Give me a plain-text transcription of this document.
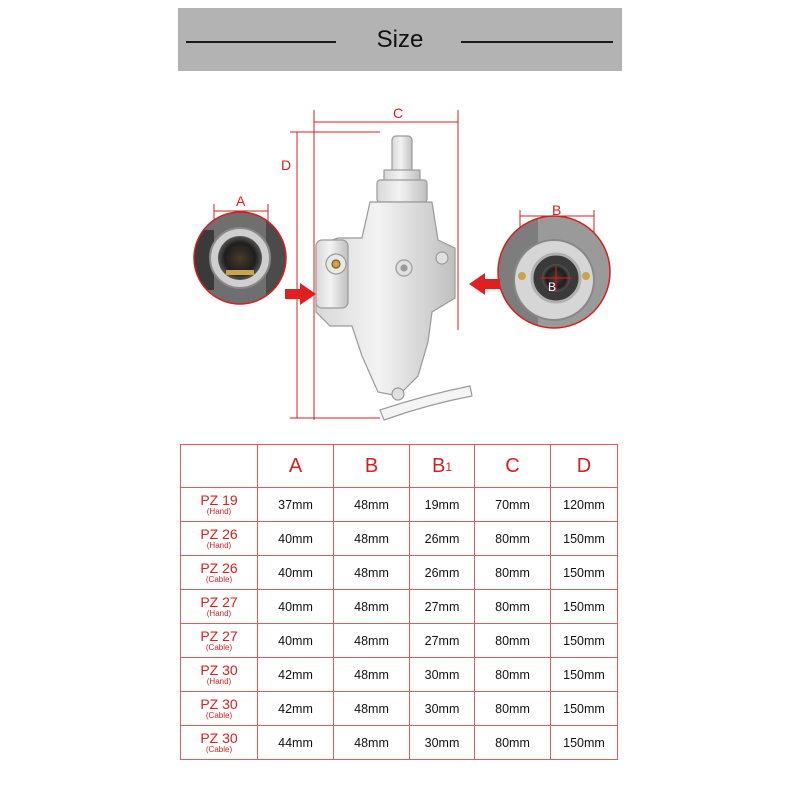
Size
C
D
A
B
B
	A	B	B1	C	D

PZ 19
(Hand)	37mm	48mm	19mm	70mm	120mm

PZ 26
(Hand)	40mm	48mm	26mm	80mm	150mm

PZ 26
(Cable)	40mm	48mm	26mm	80mm	150mm

PZ 27
(Hand)	40mm	48mm	27mm	80mm	150mm

PZ 27
(Cable)	40mm	48mm	27mm	80mm	150mm

PZ 30
(Hand)	42mm	48mm	30mm	80mm	150mm

PZ 30
(Cable)	42mm	48mm	30mm	80mm	150mm

PZ 30
(Cable)	44mm	48mm	30mm	80mm	150mm
